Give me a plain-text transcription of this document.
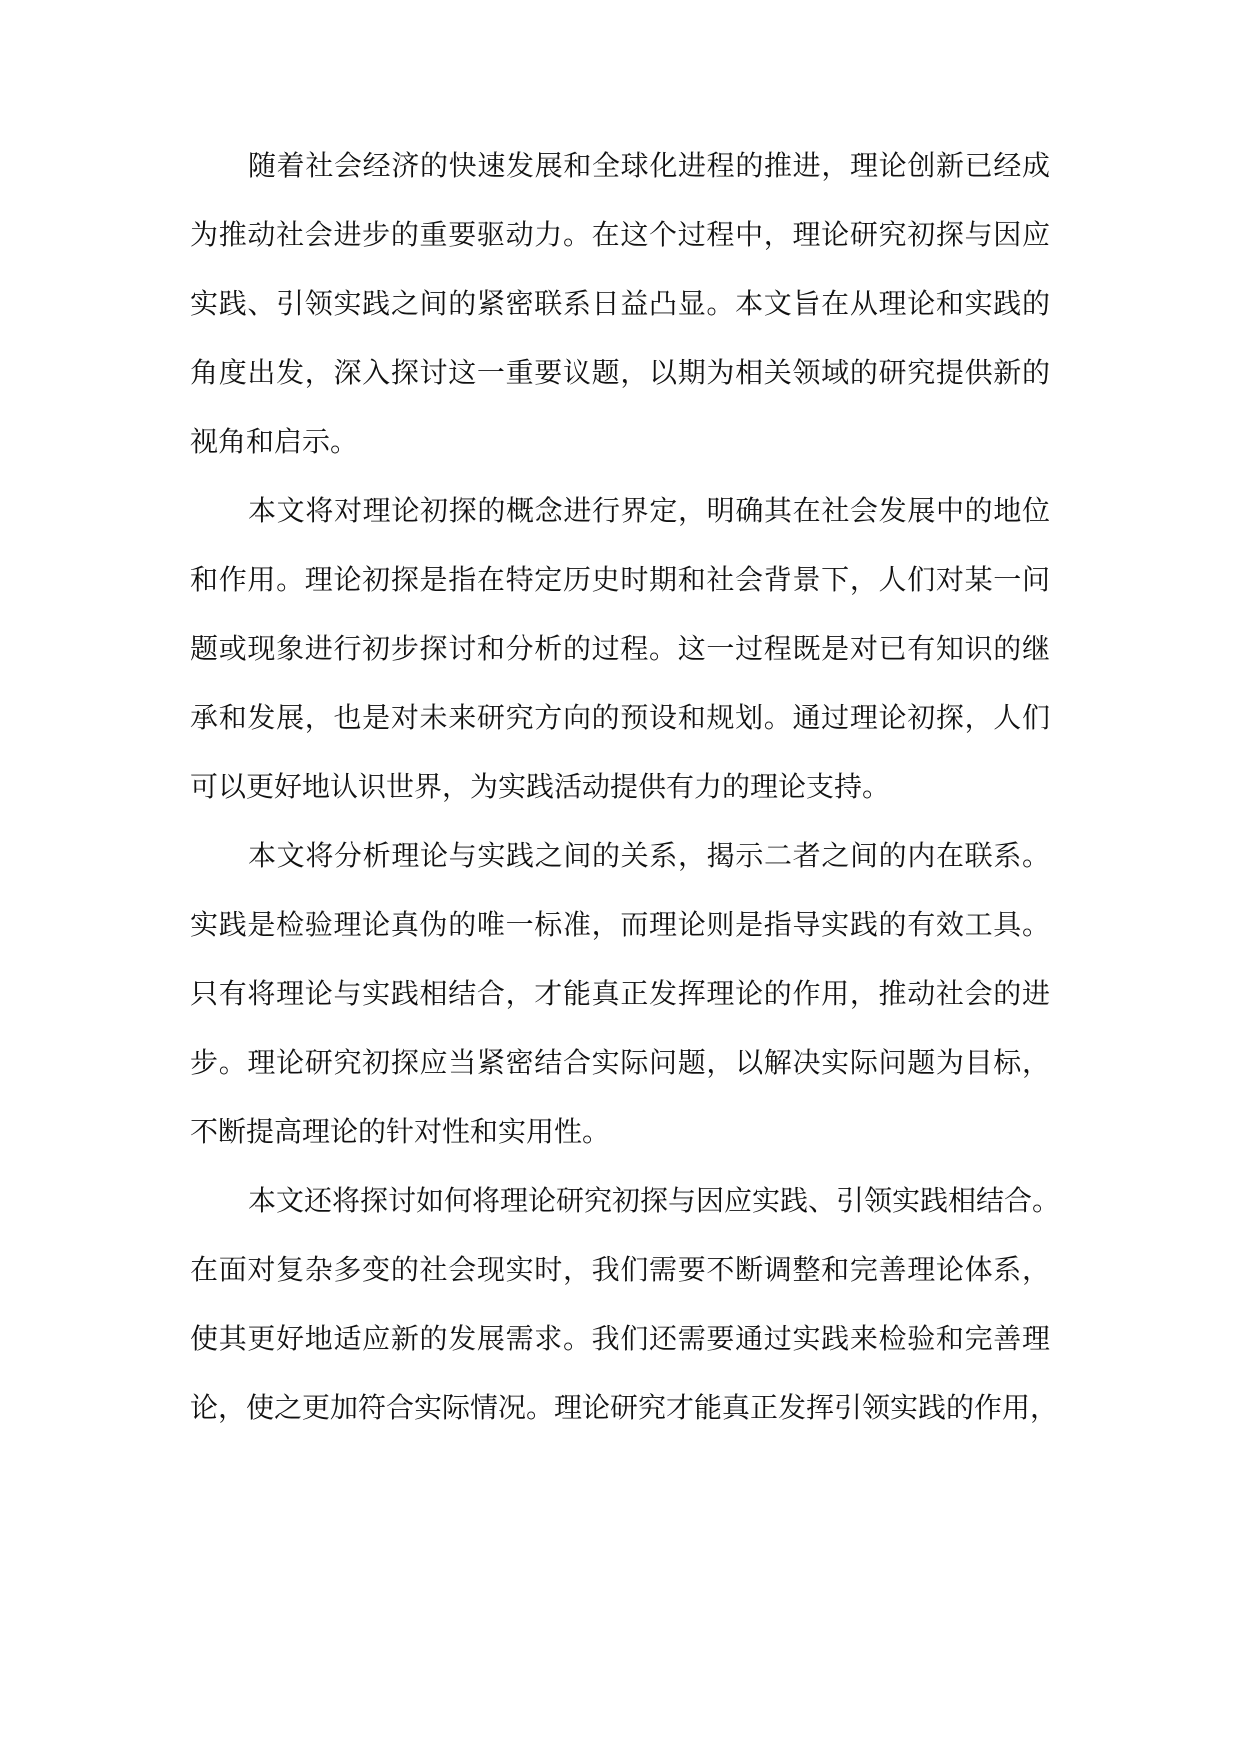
随着社会经济的快速发展和全球化进程的推进，理论创新已经成
为推动社会进步的重要驱动力。在这个过程中，理论研究初探与因应
实践、引领实践之间的紧密联系日益凸显。本文旨在从理论和实践的
角度出发，深入探讨这一重要议题，以期为相关领域的研究提供新的
视角和启示。
本文将对理论初探的概念进行界定，明确其在社会发展中的地位
和作用。理论初探是指在特定历史时期和社会背景下，人们对某一问
题或现象进行初步探讨和分析的过程。这一过程既是对已有知识的继
承和发展，也是对未来研究方向的预设和规划。通过理论初探，人们
可以更好地认识世界，为实践活动提供有力的理论支持。
本文将分析理论与实践之间的关系，揭示二者之间的内在联系。
实践是检验理论真伪的唯一标准，而理论则是指导实践的有效工具。
只有将理论与实践相结合，才能真正发挥理论的作用，推动社会的进
步。理论研究初探应当紧密结合实际问题，以解决实际问题为目标，
不断提高理论的针对性和实用性。
本文还将探讨如何将理论研究初探与因应实践、引领实践相结合。
在面对复杂多变的社会现实时，我们需要不断调整和完善理论体系，
使其更好地适应新的发展需求。我们还需要通过实践来检验和完善理
论，使之更加符合实际情况。理论研究才能真正发挥引领实践的作用，
